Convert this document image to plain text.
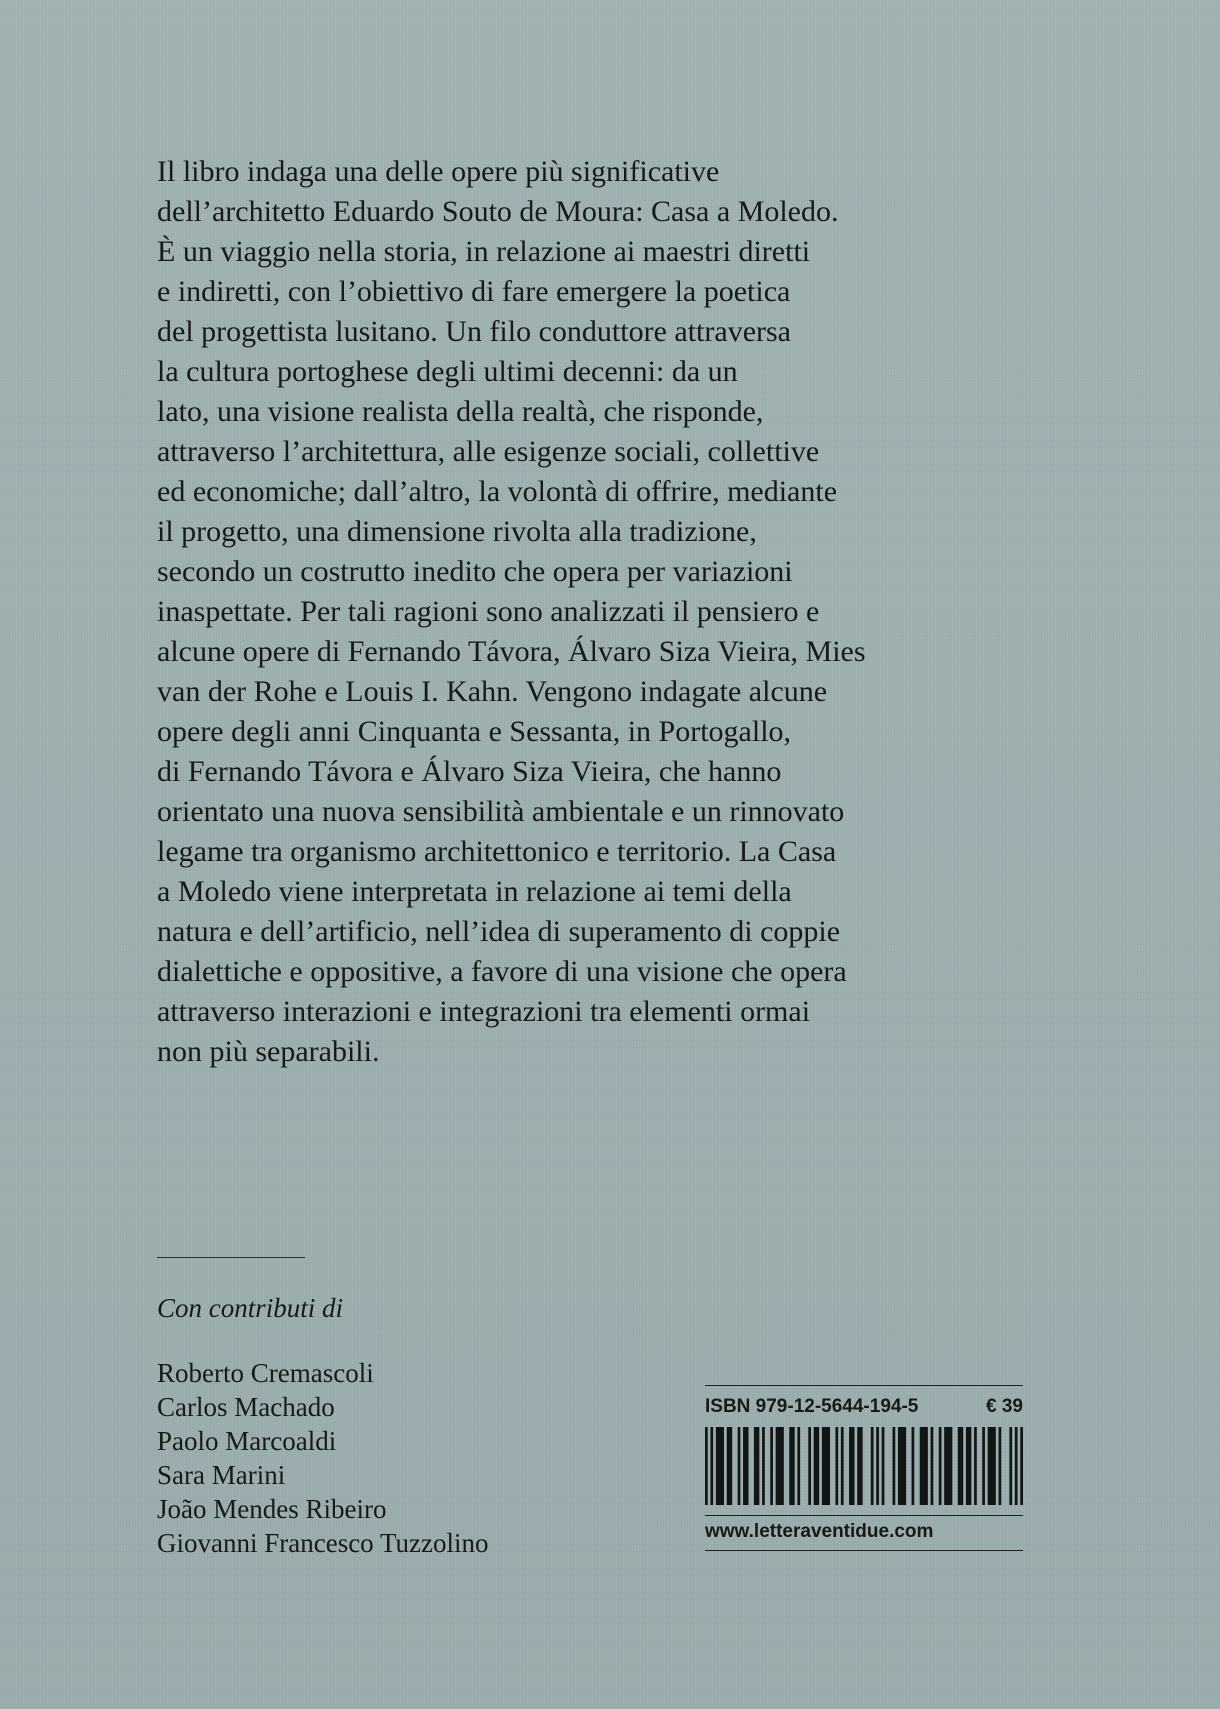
Il libro indaga una delle opere più significative
dell’architetto Eduardo Souto de Moura: Casa a Moledo.
È un viaggio nella storia, in relazione ai maestri diretti
e indiretti, con l’obiettivo di fare emergere la poetica
del progettista lusitano. Un filo conduttore attraversa
la cultura portoghese degli ultimi decenni: da un
lato, una visione realista della realtà, che risponde,
attraverso l’architettura, alle esigenze sociali, collettive
ed economiche; dall’altro, la volontà di offrire, mediante
il progetto, una dimensione rivolta alla tradizione,
secondo un costrutto inedito che opera per variazioni
inaspettate. Per tali ragioni sono analizzati il pensiero e
alcune opere di Fernando Távora, Álvaro Siza Vieira, Mies
van der Rohe e Louis I. Kahn. Vengono indagate alcune
opere degli anni Cinquanta e Sessanta, in Portogallo,
di Fernando Távora e Álvaro Siza Vieira, che hanno
orientato una nuova sensibilità ambientale e un rinnovato
legame tra organismo architettonico e territorio. La Casa
a Moledo viene interpretata in relazione ai temi della
natura e dell’artificio, nell’idea di superamento di coppie
dialettiche e oppositive, a favore di una visione che opera
attraverso interazioni e integrazioni tra elementi ormai
non più separabili.

Con contributi di

Roberto Cremascoli
Carlos Machado
Paolo Marcoaldi
Sara Marini
João Mendes Ribeiro
Giovanni Francesco Tuzzolino
ISBN 979-12-5644-194-5	€ 39
www.letteraventidue.com
